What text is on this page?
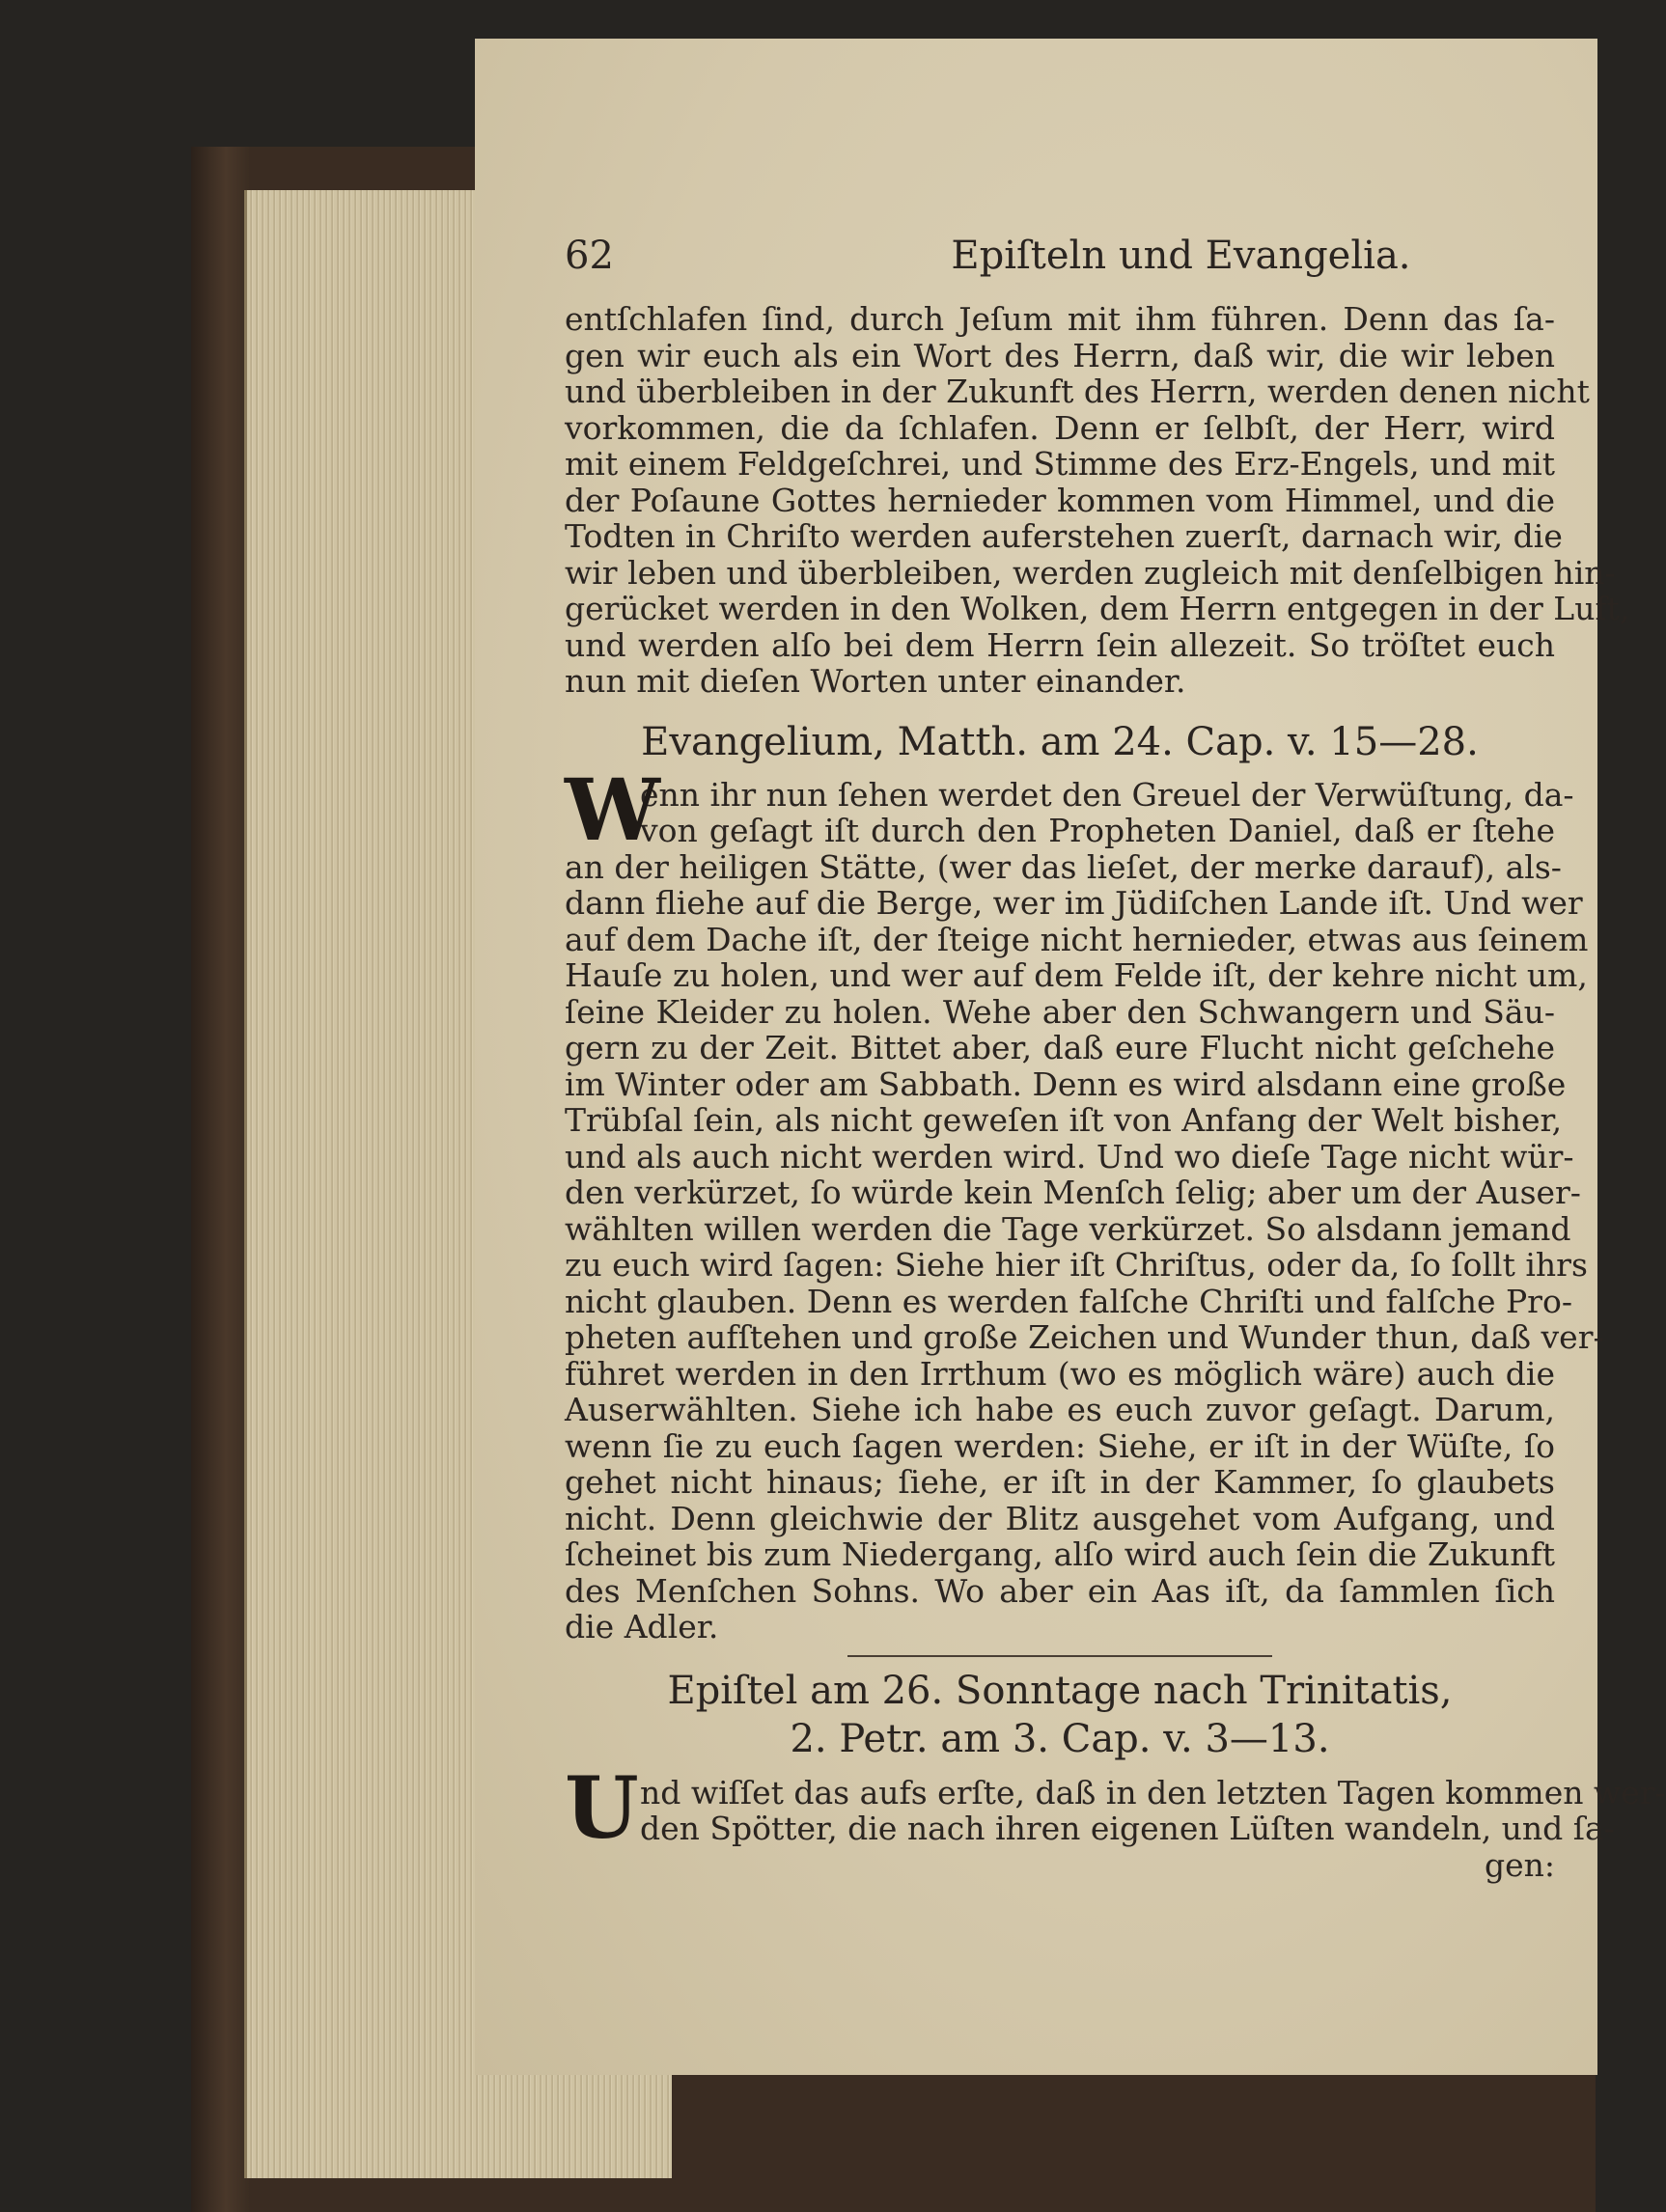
62	Epiſteln und Evangelia.

entſchlafen ſind, durch Jeſum mit ihm führen. Denn das ſa-

gen wir euch als ein Wort des Herrn, daß wir, die wir leben

und überbleiben in der Zukunft des Herrn, werden denen nicht

vorkommen, die da ſchlafen. Denn er ſelbſt, der Herr, wird

mit einem Feldgeſchrei, und Stimme des Erz-Engels, und mit

der Poſaune Gottes hernieder kommen vom Himmel, und die

Todten in Chriſto werden auferstehen zuerſt, darnach wir, die

wir leben und überbleiben, werden zugleich mit denſelbigen hin-

gerücket werden in den Wolken, dem Herrn entgegen in der Luft,

und werden alſo bei dem Herrn ſein allezeit. So tröſtet euch

nun mit dieſen Worten unter einander.

Evangelium, Matth. am 24. Cap. v. 15—28.
W

enn ihr nun ſehen werdet den Greuel der Verwüſtung, da-

von geſagt iſt durch den Propheten Daniel, daß er ſtehe

an der heiligen Stätte, (wer das lieſet, der merke darauf), als-

dann fliehe auf die Berge, wer im Jüdiſchen Lande iſt. Und wer

auf dem Dache iſt, der ſteige nicht hernieder, etwas aus ſeinem

Hauſe zu holen, und wer auf dem Felde iſt, der kehre nicht um,

ſeine Kleider zu holen. Wehe aber den Schwangern und Säu-

gern zu der Zeit. Bittet aber, daß eure Flucht nicht geſchehe

im Winter oder am Sabbath. Denn es wird alsdann eine große

Trübſal ſein, als nicht geweſen iſt von Anfang der Welt bisher,

und als auch nicht werden wird. Und wo dieſe Tage nicht wür-

den verkürzet, ſo würde kein Menſch ſelig; aber um der Auser-

wählten willen werden die Tage verkürzet. So alsdann jemand

zu euch wird ſagen: Siehe hier iſt Chriſtus, oder da, ſo ſollt ihrs

nicht glauben. Denn es werden falſche Chriſti und falſche Pro-

pheten aufſtehen und große Zeichen und Wunder thun, daß ver-

führet werden in den Irrthum (wo es möglich wäre) auch die

Auserwählten. Siehe ich habe es euch zuvor geſagt. Darum,

wenn ſie zu euch ſagen werden: Siehe, er iſt in der Wüſte, ſo

gehet nicht hinaus; ſiehe, er iſt in der Kammer, ſo glaubets

nicht. Denn gleichwie der Blitz ausgehet vom Aufgang, und

ſcheinet bis zum Niedergang, alſo wird auch ſein die Zukunft

des Menſchen Sohns. Wo aber ein Aas iſt, da ſammlen ſich

die Adler.

Epiſtel am 26. Sonntage nach Trinitatis,
2. Petr. am 3. Cap. v. 3—13.
U nd wiſſet das aufs erſte, daß in den letzten Tagen kommen wer-

den Spötter, die nach ihren eigenen Lüſten wandeln, und ſa-

gen:
